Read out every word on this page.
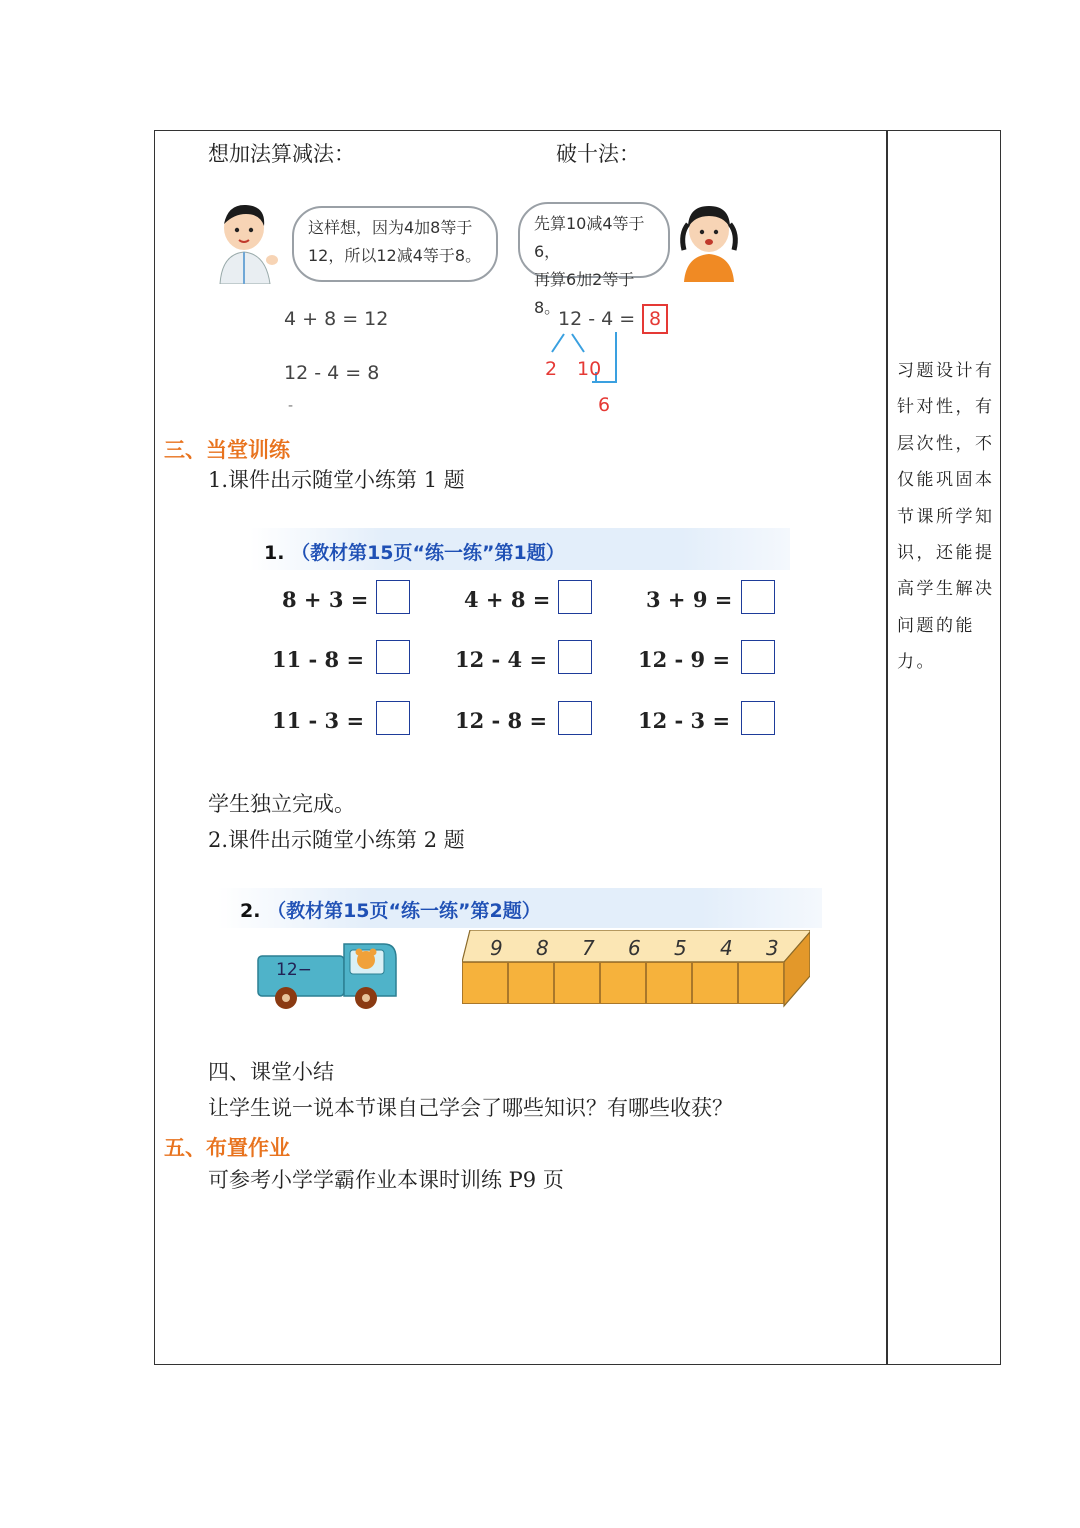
想加法算减法：	破十法：
这样想，因为4加8等于
12，所以12减4等于8。
先算10减4等于6，
再算6加2等于8。
4 + 8 = 12
12 - 4 = 8
-
12 - 4 = 8
2 10
6
三、当堂训练
1.课件出示随堂小练第 1 题
1. （教材第15页“练一练”第1题）
8 + 3 =	4 + 8 =	3 + 9 =
11 - 8 =	12 - 4 =	12 - 9 =
11 - 3 =	12 - 8 =	12 - 3 =
学生独立完成。
2.课件出示随堂小练第 2 题
2. （教材第15页“练一练”第2题）
12−
9 8 7 6 5 4 3
四、课堂小结
让学生说一说本节课自己学会了哪些知识？有哪些收获？
五、布置作业
可参考小学学霸作业本课时训练 P9 页
习题设计有针对性，有层次性，不仅能巩固本节课所学知识，还能提高学生解决问题的能力。
